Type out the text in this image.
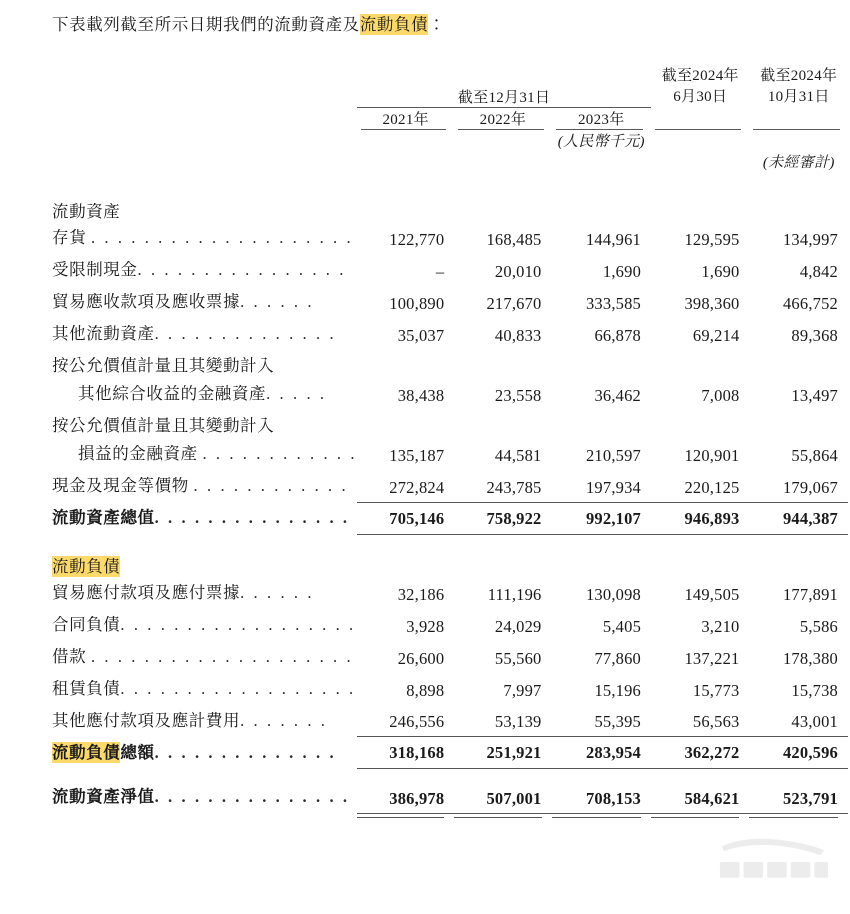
下表載列截至所示日期我們的流動資產及流動負債：
	截至12月31日			截至2024年
6月30日	截至2024年
10月31日

	2021年	2022年	2023年		

			(人民幣千元)		
					(未經審計)

流動資產					
存貨 . . . . . . . . . . . . . . . . . . . .	122,770	168,485	144,961	129,595	134,997
受限制現金. . . . . . . . . . . . . . . .	–	20,010	1,690	1,690	4,842
貿易應收款項及應收票據. . . . . .	100,890	217,670	333,585	398,360	466,752
其他流動資產. . . . . . . . . . . . . .	35,037	40,833	66,878	69,214	89,368
按公允價值計量且其變動計入					
其他綜合收益的金融資產. . . . .	38,438	23,558	36,462	7,008	13,497
按公允價值計量且其變動計入					
損益的金融資產 . . . . . . . . . . . .	135,187	44,581	210,597	120,901	55,864
現金及現金等價物 . . . . . . . . . . . .	272,824	243,785	197,934	220,125	179,067
流動資產總值. . . . . . . . . . . . . . .	705,146	758,922	992,107	946,893	944,387

流動負債					
貿易應付款項及應付票據. . . . . .	32,186	111,196	130,098	149,505	177,891
合同負債. . . . . . . . . . . . . . . . . .	3,928	24,029	5,405	3,210	5,586
借款 . . . . . . . . . . . . . . . . . . . .	26,600	55,560	77,860	137,221	178,380
租賃負債. . . . . . . . . . . . . . . . . .	8,898	7,997	15,196	15,773	15,738
其他應付款項及應計費用. . . . . . .	246,556	53,139	55,395	56,563	43,001
流動負債總額. . . . . . . . . . . . . .	318,168	251,921	283,954	362,272	420,596

流動資產淨值. . . . . . . . . . . . . . .	386,978	507,001	708,153	584,621	523,791
